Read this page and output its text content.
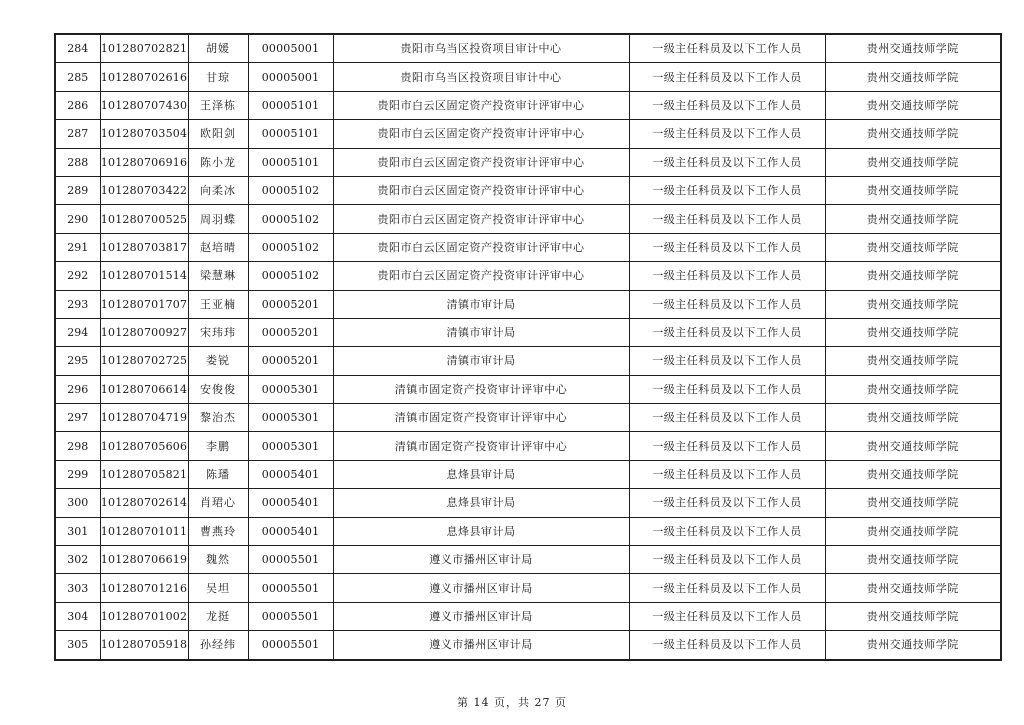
284	101280702821	胡媛	00005001	贵阳市乌当区投资项目审计中心	一级主任科员及以下工作人员	贵州交通技师学院
285	101280702616	甘琼	00005001	贵阳市乌当区投资项目审计中心	一级主任科员及以下工作人员	贵州交通技师学院
286	101280707430	王泽栋	00005101	贵阳市白云区固定资产投资审计评审中心	一级主任科员及以下工作人员	贵州交通技师学院
287	101280703504	欧阳剑	00005101	贵阳市白云区固定资产投资审计评审中心	一级主任科员及以下工作人员	贵州交通技师学院
288	101280706916	陈小龙	00005101	贵阳市白云区固定资产投资审计评审中心	一级主任科员及以下工作人员	贵州交通技师学院
289	101280703422	向柔冰	00005102	贵阳市白云区固定资产投资审计评审中心	一级主任科员及以下工作人员	贵州交通技师学院
290	101280700525	周羽蝶	00005102	贵阳市白云区固定资产投资审计评审中心	一级主任科员及以下工作人员	贵州交通技师学院
291	101280703817	赵培晴	00005102	贵阳市白云区固定资产投资审计评审中心	一级主任科员及以下工作人员	贵州交通技师学院
292	101280701514	梁慧琳	00005102	贵阳市白云区固定资产投资审计评审中心	一级主任科员及以下工作人员	贵州交通技师学院
293	101280701707	王亚楠	00005201	清镇市审计局	一级主任科员及以下工作人员	贵州交通技师学院
294	101280700927	宋玮玮	00005201	清镇市审计局	一级主任科员及以下工作人员	贵州交通技师学院
295	101280702725	娄锐	00005201	清镇市审计局	一级主任科员及以下工作人员	贵州交通技师学院
296	101280706614	安俊俊	00005301	清镇市固定资产投资审计评审中心	一级主任科员及以下工作人员	贵州交通技师学院
297	101280704719	黎治杰	00005301	清镇市固定资产投资审计评审中心	一级主任科员及以下工作人员	贵州交通技师学院
298	101280705606	李鹏	00005301	清镇市固定资产投资审计评审中心	一级主任科员及以下工作人员	贵州交通技师学院
299	101280705821	陈璠	00005401	息烽县审计局	一级主任科员及以下工作人员	贵州交通技师学院
300	101280702614	肖珺心	00005401	息烽县审计局	一级主任科员及以下工作人员	贵州交通技师学院
301	101280701011	曹燕玲	00005401	息烽县审计局	一级主任科员及以下工作人员	贵州交通技师学院
302	101280706619	魏然	00005501	遵义市播州区审计局	一级主任科员及以下工作人员	贵州交通技师学院
303	101280701216	吴坦	00005501	遵义市播州区审计局	一级主任科员及以下工作人员	贵州交通技师学院
304	101280701002	龙挺	00005501	遵义市播州区审计局	一级主任科员及以下工作人员	贵州交通技师学院
305	101280705918	孙经纬	00005501	遵义市播州区审计局	一级主任科员及以下工作人员	贵州交通技师学院
第 14 页，共 27 页
